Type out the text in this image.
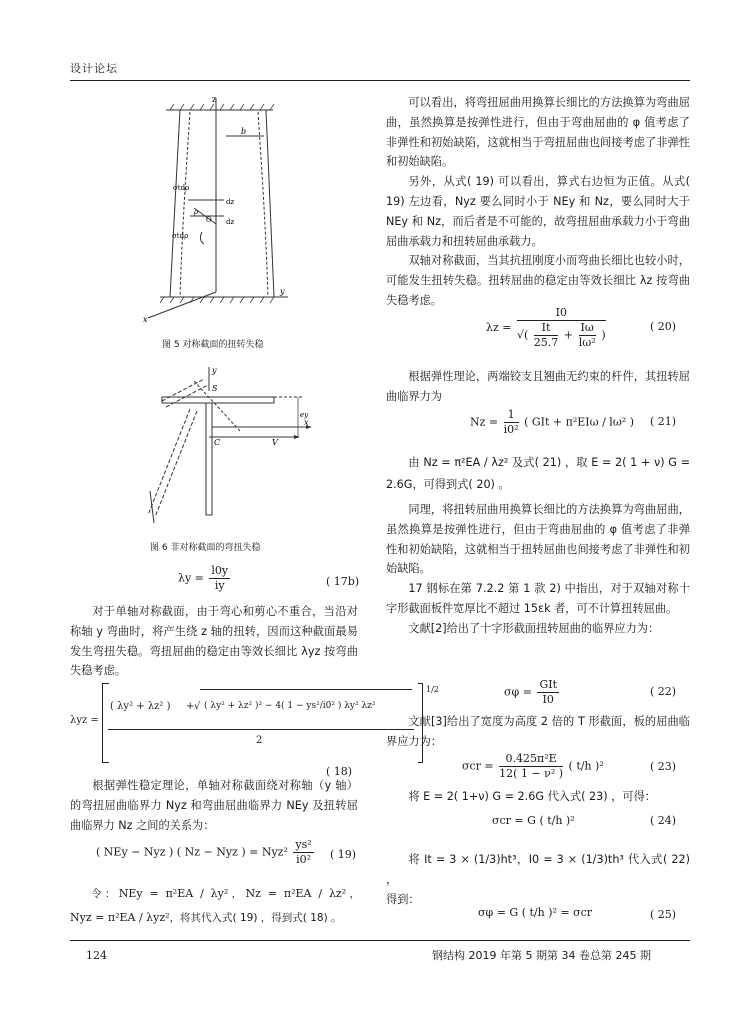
设计论坛
124	钢结构 2019 年第 5 期第 34 卷总第 245 期
z
b
σtdρ
dz
ρ
O dz
σtdρ
y
x
图 5 对称截面的扭转失稳
y
S
x
ey
C	V
图 6 非对称截面的弯扭失稳
$\lambda y = \frac{l0y}{iy}$	( 17b)

对于单轴对称截面，由于弯心和剪心不重合，当沿对称轴 y 弯曲时，将产生绕 z 轴的扭转，因而这种截面最易发生弯扭失稳。弯扭屈曲的稳定由等效长细比 λyz 按弯曲失稳考虑。

λyz =
( λy² + λz² ) + √ ( λy² + λz² )² − 4( 1 − ys²/i0² ) λy² λz²
2
1/2
( 18)

根据弹性稳定理论，单轴对称截面绕对称轴（y 轴）的弯扭屈曲临界力 Nyz 和弯曲屈曲临界力 NEy 及扭转屈曲临界力 Nz 之间的关系为：

( NEy − Nyz ) ( Nz − Nyz ) = $Nyz^2 \frac{\text{ys²}}{\text{i0²}}$ ( 19)

令：NEy = π²EA / λy²，Nz = π²EA / λz²，Nyz = π²EA / λyz²，将其代入式( 19) ，得到式( 18) 。

可以看出，将弯扭屈曲用换算长细比的方法换算为弯曲屈曲，虽然换算是按弹性进行，但由于弯曲屈曲的 φ 值考虑了非弹性和初始缺陷，这就相当于弯扭屈曲也间接考虑了非弹性和初始缺陷。

另外，从式( 19) 可以看出，算式右边恒为正值。从式( 19) 左边看，Nyz 要么同时小于 NEy 和 Nz，要么同时大于 NEy 和 Nz，而后者是不可能的，故弯扭屈曲承载力小于弯曲屈曲承载力和扭转屈曲承载力。

双轴对称截面，当其抗扭刚度小而弯曲长细比也较小时，可能发生扭转失稳。扭转屈曲的稳定由等效长细比 λz 按弯曲失稳考虑。

$\lambda z = \frac{I0}{√( \frac{It}{25.7} + \frac{I\omega}{\text{lω²}} )}$	( 20)

根据弹性理论，两端铰支且翘曲无约束的杆件，其扭转屈曲临界力为

$Nz = \frac{1}{\text{i0²}}$ ( GIt + π²EIω / lω² ) ( 21)

由 Nz = π²EA / λz² 及式( 21) ，取 E = 2( 1 + ν) G = 2.6G，可得到式( 20) 。

同理，将扭转屈曲用换算长细比的方法换算为弯曲屈曲，虽然换算是按弹性进行，但由于弯曲屈曲的 φ 值考虑了非弹性和初始缺陷，这就相当于扭转屈曲也间接考虑了非弹性和初始缺陷。

17 钢标在第 7.2.2 第 1 款 2) 中指出，对于双轴对称十字形截面板件宽厚比不超过 15εk 者，可不计算扭转屈曲。

文献[2]给出了十字形截面扭转屈曲的临界应力为：

$\sigma\varphi = \frac{\text{GIt}}{I0}$	( 22)

文献[3]给出了宽度为高度 2 倍的 T 形截面，板的屈曲临界应力为：

$\sigma cr = \frac{\text{0.425π²E}}{\text{12( 1 − ν² )}}$ ( t/h )²	( 23)

将 E = 2( 1+ν) G = 2.6G 代入式( 23) ，可得：

σcr = G ( t/h )²	( 24)

将 It = 3 × (1/3)ht³，I0 = 3 × (1/3)th³ 代入式( 22) ，

得到：

σφ = G ( t/h )² = σcr	( 25)
